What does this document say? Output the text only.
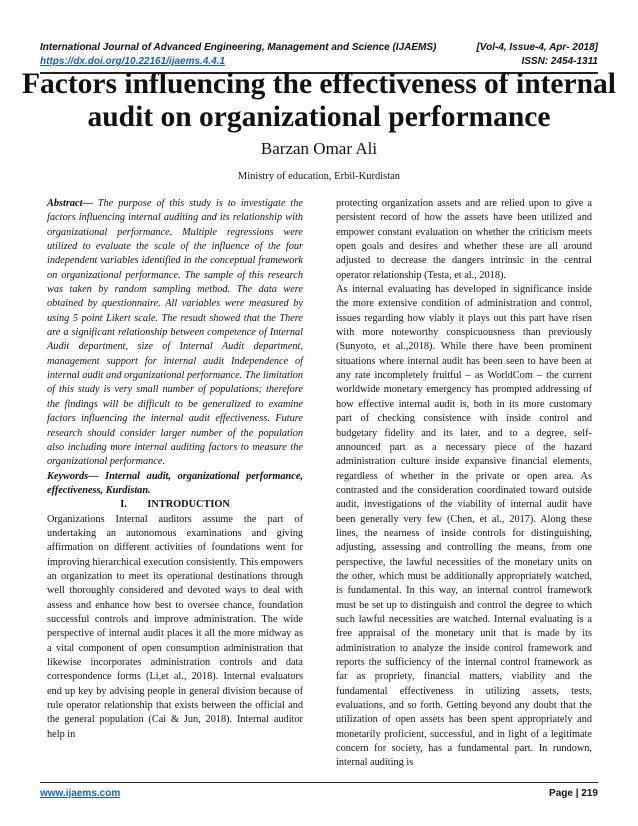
International Journal of Advanced Engineering, Management and Science (IJAEMS)	[Vol-4, Issue-4, Apr- 2018]
https://dx.doi.org/10.22161/ijaems.4.4.1	ISSN: 2454-1311
Factors influencing the effectiveness of internal audit on organizational performance
Barzan Omar Ali
Ministry of education, Erbil-Kurdistan

Abstract— The purpose of this study is to investigate the factors influencing internal auditing and its relationship with organizational performance. Multiple regressions were utilized to evaluate the scale of the influence of the four independent variables identified in the conceptual framework on organizational performance. The sample of this research was taken by random sampling method. The data were obtained by questionnaire. All variables were measured by using 5 point Likert scale. The resudt showed that the There are a significant relationship between competence of Internal Audit department, size of Internal Audit department, management support for internal audit Independence of internal audit and organizational performance. The limitation of this study is very small number of populations; therefore the findings will be difficult to be generalized to examine factors influencing the internal audit effectiveness. Future research should consider larger number of the population also including more internal auditing factors to measure the organizational performance.

Keywords— Internal audit, organizational performance, effectiveness, Kurdistan.

I.  INTRODUCTION

Organizations Internal auditors assume the part of undertaking an autonomous examinations and giving affirmation on different activities of foundations went for improving hierarchical execution consistently. This empowers an organization to meet its operational destinations through well thoroughly considered and devoted ways to deal with assess and enhance how best to oversee chance, foundation successful controls and improve administration. The wide perspective of internal audit places it all the more midway as a vital component of open consumption administration that likewise incorporates administration controls and data correspondence forms (Li,et al., 2018). Internal evaluators end up key by advising people in general division because of rule operator relationship that exists between the official and the general population (Cai & Jun, 2018). Internal auditor help in

protecting organization assets and are relied upon to give a persistent record of how the assets have been utilized and empower constant evaluation on whether the criticism meets open goals and desires and whether these are all around adjusted to decrease the dangers intrinsic in the central operator relationship (Testa, et al., 2018).

As internal evaluating has developed in significance inside the more extensive condition of administration and control, issues regarding how viably it plays out this part have risen with more noteworthy conspicuousness than previously (Sunyoto, et al.,2018). While there have been prominent situations where internal audit has been seen to have been at any rate incompletely fruitful – as WorldCom – the current worldwide monetary emergency has prompted addressing of how effective internal audit is, both in its more customary part of checking consistence with inside control and budgetary fidelity and its later, and to a degree, self-announced part as a necessary piece of the hazard administration culture inside expansive financial elements, regardless of whether in the private or open area. As contrasted and the consideration coordinated toward outside audit, investigations of the viability of internal audit have been generally very few (Chen, et al., 2017). Along these lines, the nearness of inside controls for distinguishing, adjusting, assessing and controlling the means, from one perspective, the lawful necessities of the monetary units on the other, which must be additionally appropriately watched, is fundamental. In this way, an internal control framework must be set up to distinguish and control the degree to which such lawful necessities are watched. Internal evaluating is a free appraisal of the monetary unit that is made by its administration to analyze the inside control framework and reports the sufficiency of the internal control framework as far as propriety, financial matters, viability and the fundamental effectiveness in utilizing assets, tests, evaluations, and so forth. Getting beyond any doubt that the utilization of open assets has been spent appropriately and monetarily proficient, successful, and in light of a legitimate concern for society, has a fundamental part. In rundown, internal auditing is

www.ijaems.com	Page | 219
